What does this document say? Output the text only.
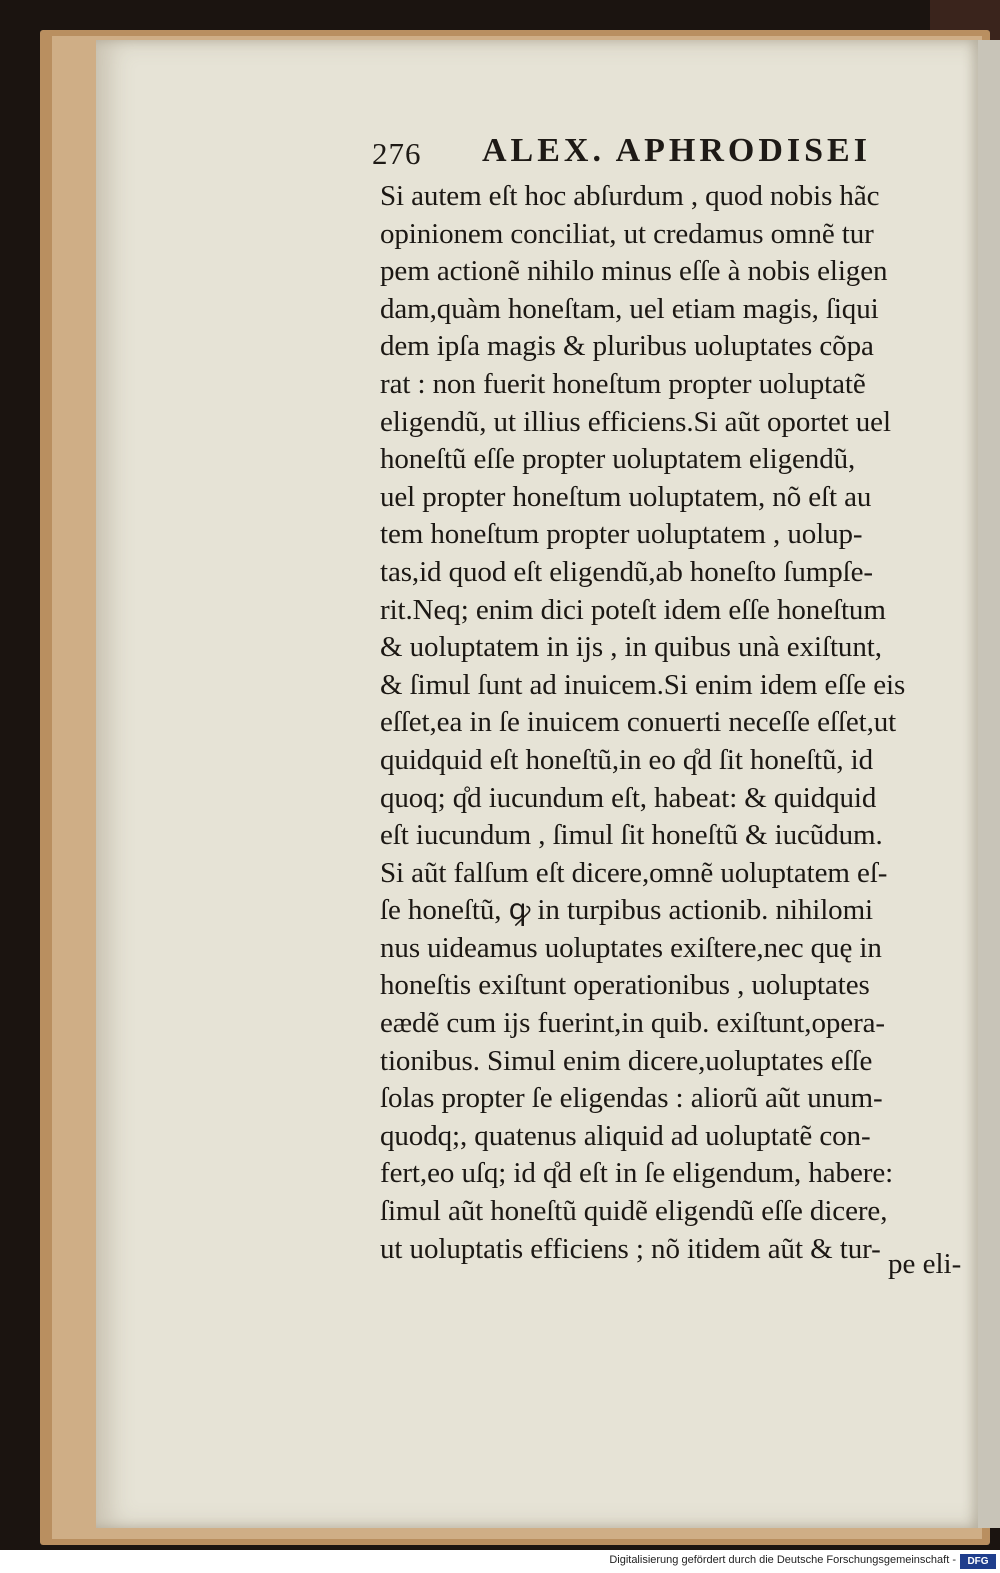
276 ALEX. APHRODISEI
Si autem eſt hoc abſurdum , quod nobis hãc
opinionem conciliat, ut credamus omnẽ tur
pem actionẽ nihilo minus eſſe à nobis eligen
dam,quàm honeſtam, uel etiam magis, ſiqui
dem ipſa magis & pluribus uoluptates cõpa
rat : non fuerit honeſtum propter uoluptatẽ
eligendũ, ut illius efficiens.Si aũt oportet uel
honeſtũ eſſe propter uoluptatem eligendũ,
uel propter honeſtum uoluptatem, nõ eſt au
tem honeſtum propter uoluptatem , uolup-
tas,id quod eſt eligendũ,ab honeſto ſumpſe-
rit.Neq; enim dici poteſt idem eſſe honeſtum
& uoluptatem in ijs , in quibus unà exiſtunt,
& ſimul ſunt ad inuicem.Si enim idem eſſe eis
eſſet,ea in ſe inuicem conuerti neceſſe eſſet,ut
quidquid eſt honeſtũ,in eo q̊d ſit honeſtũ, id
quoq; q̊d iucundum eſt, habeat: & quidquid
eſt iucundum , ſimul ſit honeſtũ & iucũdum.
Si aũt falſum eſt dicere,omnẽ uoluptatem eſ-
ſe honeſtũ, ꝙ in turpibus actionib. nihilomi
nus uideamus uoluptates exiſtere,nec quę in
honeſtis exiſtunt operationibus , uoluptates
eædẽ cum ijs fuerint,in quib. exiſtunt,opera-
tionibus. Simul enim dicere,uoluptates eſſe
ſolas propter ſe eligendas : aliorũ aũt unum-
quodq;, quatenus aliquid ad uoluptatẽ con-
fert,eo uſq; id q̊d eſt in ſe eligendum, habere:
ſimul aũt honeſtũ quidẽ eligendũ eſſe dicere,
ut uoluptatis efficiens ; nõ itidem aũt & tur- pe eli-
Digitalisierung gefördert durch die Deutsche Forschungsgemeinschaft -	DFG
